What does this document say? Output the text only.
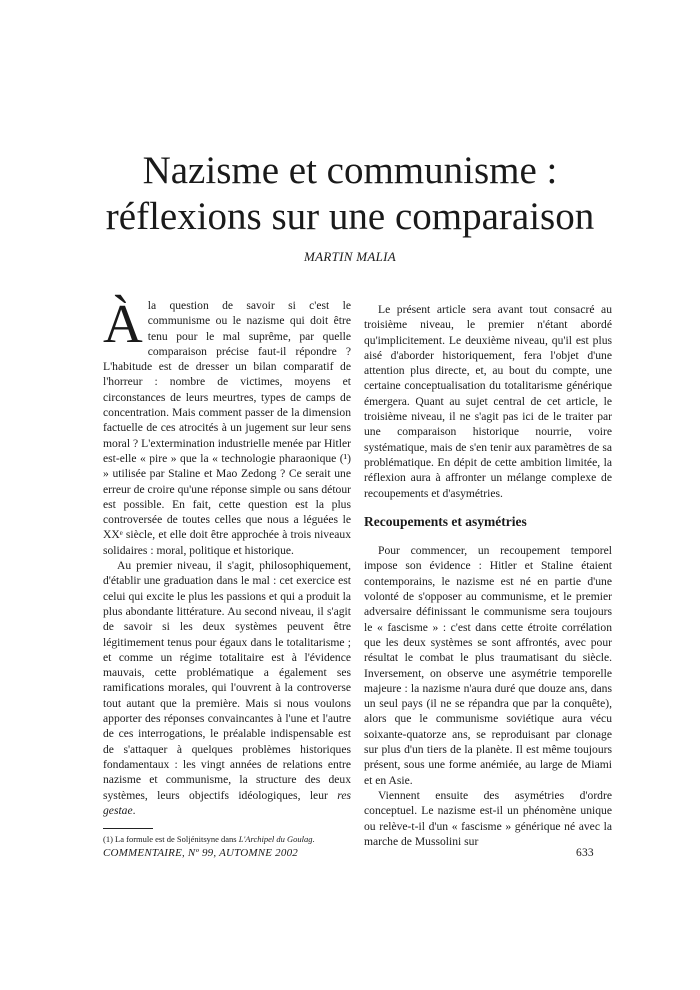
Nazisme et communisme :
réflexions sur une comparaison
MARTIN MALIA

Àla question de savoir si c'est le communisme ou le nazisme qui doit être tenu pour le mal suprême, par quelle comparaison précise faut-il répondre ? L'habitude est de dresser un bilan comparatif de l'horreur : nombre de victimes, moyens et circonstances de leurs meurtres, types de camps de concentration. Mais comment passer de la dimension factuelle de ces atrocités à un jugement sur leur sens moral ? L'extermination industrielle menée par Hitler est-elle « pire » que la « technologie pharaonique (¹) » utilisée par Staline et Mao Zedong ? Ce serait une erreur de croire qu'une réponse simple ou sans détour est possible. En fait, cette question est la plus controversée de toutes celles que nous a léguées le XXᵉ siècle, et elle doit être approchée à trois niveaux solidaires : moral, politique et historique.

Au premier niveau, il s'agit, philosophiquement, d'établir une graduation dans le mal : cet exercice est celui qui excite le plus les passions et qui a produit la plus abondante littérature. Au second niveau, il s'agit de savoir si les deux systèmes peuvent être légitimement tenus pour égaux dans le totalitarisme ; et comme un régime totalitaire est à l'évidence mauvais, cette problématique a également ses ramifications morales, qui l'ouvrent à la controverse tout autant que la première. Mais si nous voulons apporter des réponses convaincantes à l'une et l'autre de ces interrogations, le préalable indispensable est de s'attaquer à quelques problèmes historiques fondamentaux : les vingt années de relations entre nazisme et communisme, la structure des deux systèmes, leurs objectifs idéologiques, leur res gestae.

(1) La formule est de Soljénitsyne dans L'Archipel du Goulag.

Le présent article sera avant tout consacré au troisième niveau, le premier n'étant abordé qu'implicitement. Le deuxième niveau, qu'il est plus aisé d'aborder historiquement, fera l'objet d'une attention plus directe, et, au bout du compte, une certaine conceptualisation du totalitarisme générique émergera. Quant au sujet central de cet article, le troisième niveau, il ne s'agit pas ici de le traiter par une comparaison historique nourrie, voire systématique, mais de s'en tenir aux paramètres de sa problématique. En dépit de cette ambition limitée, la réflexion aura à affronter un mélange complexe de recoupements et d'asymétries.

Recoupements et asymétries

Pour commencer, un recoupement temporel impose son évidence : Hitler et Staline étaient contemporains, le nazisme est né en partie d'une volonté de s'opposer au communisme, et le premier adversaire définissant le communisme sera toujours le « fascisme » : c'est dans cette étroite corrélation que les deux systèmes se sont affrontés, avec pour résultat le combat le plus traumatisant du siècle. Inversement, on observe une asymétrie temporelle majeure : la nazisme n'aura duré que douze ans, dans un seul pays (il ne se répandra que par la conquête), alors que le communisme soviétique aura vécu soixante-quatorze ans, se reproduisant par clonage sur plus d'un tiers de la planète. Il est même toujours présent, sous une forme anémiée, au large de Miami et en Asie.

Viennent ensuite des asymétries d'ordre conceptuel. Le nazisme est-il un phénomène unique ou relève-t-il d'un « fascisme » générique né avec la marche de Mussolini sur

COMMENTAIRE, Nº 99, AUTOMNE 2002	633
